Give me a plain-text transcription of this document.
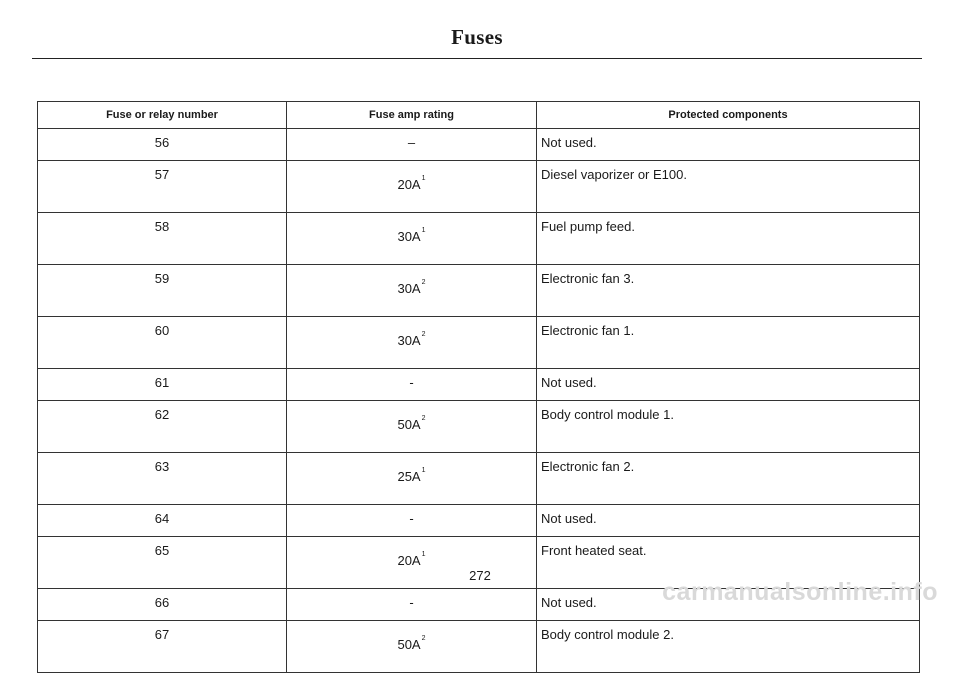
Fuses
Fuse or relay number	Fuse amp rating	Protected components
56	–	Not used.
57	$20A^1$	Diesel vaporizer or E100.
58	$30A^1$	Fuel pump feed.
59	$30A^2$	Electronic fan 3.
60	$30A^2$	Electronic fan 1.
61	-	Not used.
62	$50A^2$	Body control module 1.
63	$25A^1$	Electronic fan 2.
64	-	Not used.
65	$20A^1$	Front heated seat.
66	-	Not used.
67	$50A^2$	Body control module 2.
272
carmanualsonline.info
